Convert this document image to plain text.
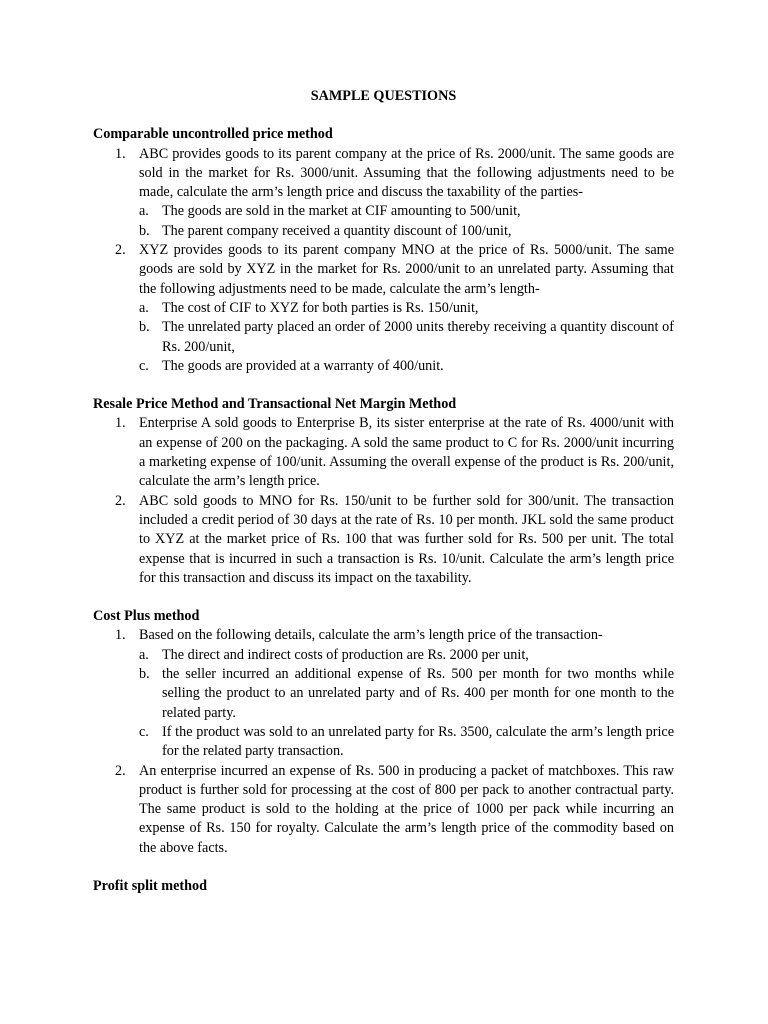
SAMPLE QUESTIONS
Comparable uncontrolled price method
1. ABC provides goods to its parent company at the price of Rs. 2000/unit. The same goods are sold in the market for Rs. 3000/unit. Assuming that the following adjustments need to be made, calculate the arm’s length price and discuss the taxability of the parties-
a. The goods are sold in the market at CIF amounting to 500/unit,
b. The parent company received a quantity discount of 100/unit,
2. XYZ provides goods to its parent company MNO at the price of Rs. 5000/unit. The same goods are sold by XYZ in the market for Rs. 2000/unit to an unrelated party. Assuming that the following adjustments need to be made, calculate the arm’s length-
a. The cost of CIF to XYZ for both parties is Rs. 150/unit,
b. The unrelated party placed an order of 2000 units thereby receiving a quantity discount of Rs. 200/unit,
c. The goods are provided at a warranty of 400/unit.
Resale Price Method and Transactional Net Margin Method
1. Enterprise A sold goods to Enterprise B, its sister enterprise at the rate of Rs. 4000/unit with an expense of 200 on the packaging. A sold the same product to C for Rs. 2000/unit incurring a marketing expense of 100/unit. Assuming the overall expense of the product is Rs. 200/unit, calculate the arm’s length price.
2. ABC sold goods to MNO for Rs. 150/unit to be further sold for 300/unit. The transaction included a credit period of 30 days at the rate of Rs. 10 per month. JKL sold the same product to XYZ at the market price of Rs. 100 that was further sold for Rs. 500 per unit. The total expense that is incurred in such a transaction is Rs. 10/unit. Calculate the arm’s length price for this transaction and discuss its impact on the taxability.
Cost Plus method
1. Based on the following details, calculate the arm’s length price of the transaction-
a. The direct and indirect costs of production are Rs. 2000 per unit,
b. the seller incurred an additional expense of Rs. 500 per month for two months while selling the product to an unrelated party and of Rs. 400 per month for one month to the related party.
c. If the product was sold to an unrelated party for Rs. 3500, calculate the arm’s length price for the related party transaction.
2. An enterprise incurred an expense of Rs. 500 in producing a packet of matchboxes. This raw product is further sold for processing at the cost of 800 per pack to another contractual party. The same product is sold to the holding at the price of 1000 per pack while incurring an expense of Rs. 150 for royalty. Calculate the arm’s length price of the commodity based on the above facts.
Profit split method
